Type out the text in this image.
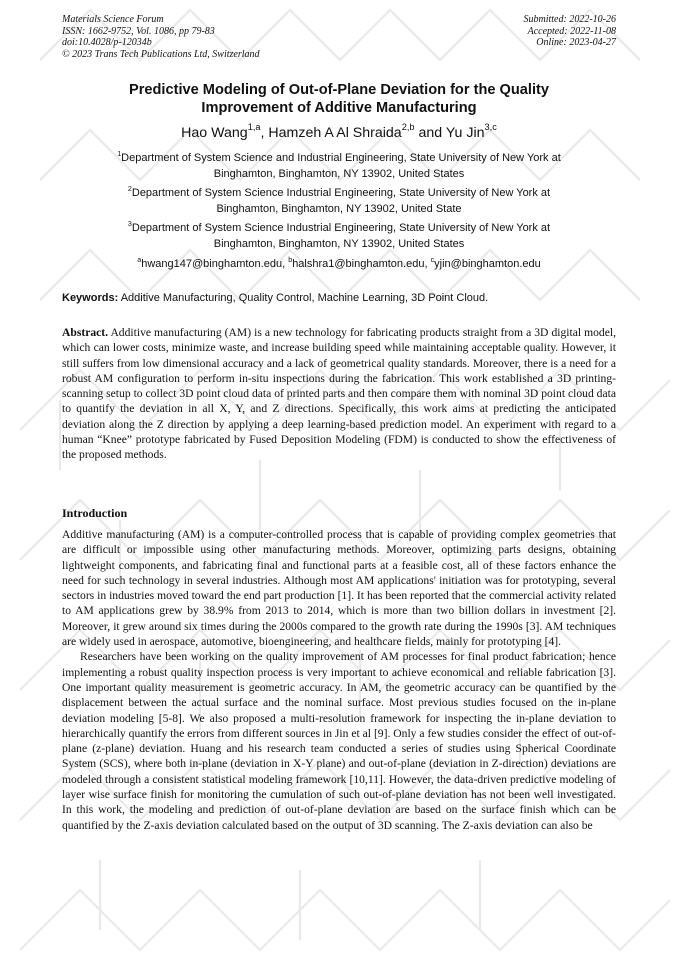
Materials Science Forum
ISSN: 1662-9752, Vol. 1086, pp 79-83
doi:10.4028/p-12034b
© 2023 Trans Tech Publications Ltd, Switzerland
Submitted: 2022-10-26
Accepted: 2022-11-08
Online: 2023-04-27
Predictive Modeling of Out-of-Plane Deviation for the Quality
Improvement of Additive Manufacturing
Hao Wang$^{1,a}$, Hamzeh A Al Shraida$^{2,b}$ and Yu Jin$^{3,c}$
$^1$Department of System Science and Industrial Engineering, State University of New York at
Binghamton, Binghamton, NY 13902, United States
$^2$Department of System Science Industrial Engineering, State University of New York at
Binghamton, Binghamton, NY 13902, United State
$^3$Department of System Science Industrial Engineering, State University of New York at
Binghamton, Binghamton, NY 13902, United States
$^a$hwang147@binghamton.edu, $^b$halshra1@binghamton.edu, $^c$yjin@binghamton.edu
Keywords: Additive Manufacturing, Quality Control, Machine Learning, 3D Point Cloud.

Abstract. Additive manufacturing (AM) is a new technology for fabricating products straight from a 3D digital model, which can lower costs, minimize waste, and increase building speed while maintaining acceptable quality. However, it still suffers from low dimensional accuracy and a lack of geometrical quality standards. Moreover, there is a need for a robust AM configuration to perform in-situ inspections during the fabrication. This work established a 3D printing-scanning setup to collect 3D point cloud data of printed parts and then compare them with nominal 3D point cloud data to quantify the deviation in all X, Y, and Z directions. Specifically, this work aims at predicting the anticipated deviation along the Z direction by applying a deep learning-based prediction model. An experiment with regard to a human “Knee” prototype fabricated by Fused Deposition Modeling (FDM) is conducted to show the effectiveness of the proposed methods.

Introduction

Additive manufacturing (AM) is a computer-controlled process that is capable of providing complex geometries that are difficult or impossible using other manufacturing methods. Moreover, optimizing parts designs, obtaining lightweight components, and fabricating final and functional parts at a feasible cost, all of these factors enhance the need for such technology in several industries. Although most AM applications' initiation was for prototyping, several sectors in industries moved toward the end part production [1]. It has been reported that the commercial activity related to AM applications grew by 38.9% from 2013 to 2014, which is more than two billion dollars in investment [2]. Moreover, it grew around six times during the 2000s compared to the growth rate during the 1990s [3]. AM techniques are widely used in aerospace, automotive, bioengineering, and healthcare fields, mainly for prototyping [4].

Researchers have been working on the quality improvement of AM processes for final product fabrication; hence implementing a robust quality inspection process is very important to achieve economical and reliable fabrication [3]. One important quality measurement is geometric accuracy. In AM, the geometric accuracy can be quantified by the displacement between the actual surface and the nominal surface. Most previous studies focused on the in-plane deviation modeling [5-8]. We also proposed a multi-resolution framework for inspecting the in-plane deviation to hierarchically quantify the errors from different sources in Jin et al [9]. Only a few studies consider the effect of out-of-plane (z-plane) deviation. Huang and his research team conducted a series of studies using Spherical Coordinate System (SCS), where both in-plane (deviation in X-Y plane) and out-of-plane (deviation in Z-direction) deviations are modeled through a consistent statistical modeling framework [10,11]. However, the data-driven predictive modeling of layer wise surface finish for monitoring the cumulation of such out-of-plane deviation has not been well investigated. In this work, the modeling and prediction of out-of-plane deviation are based on the surface finish which can be quantified by the Z-axis deviation calculated based on the output of 3D scanning. The Z-axis deviation can also be
